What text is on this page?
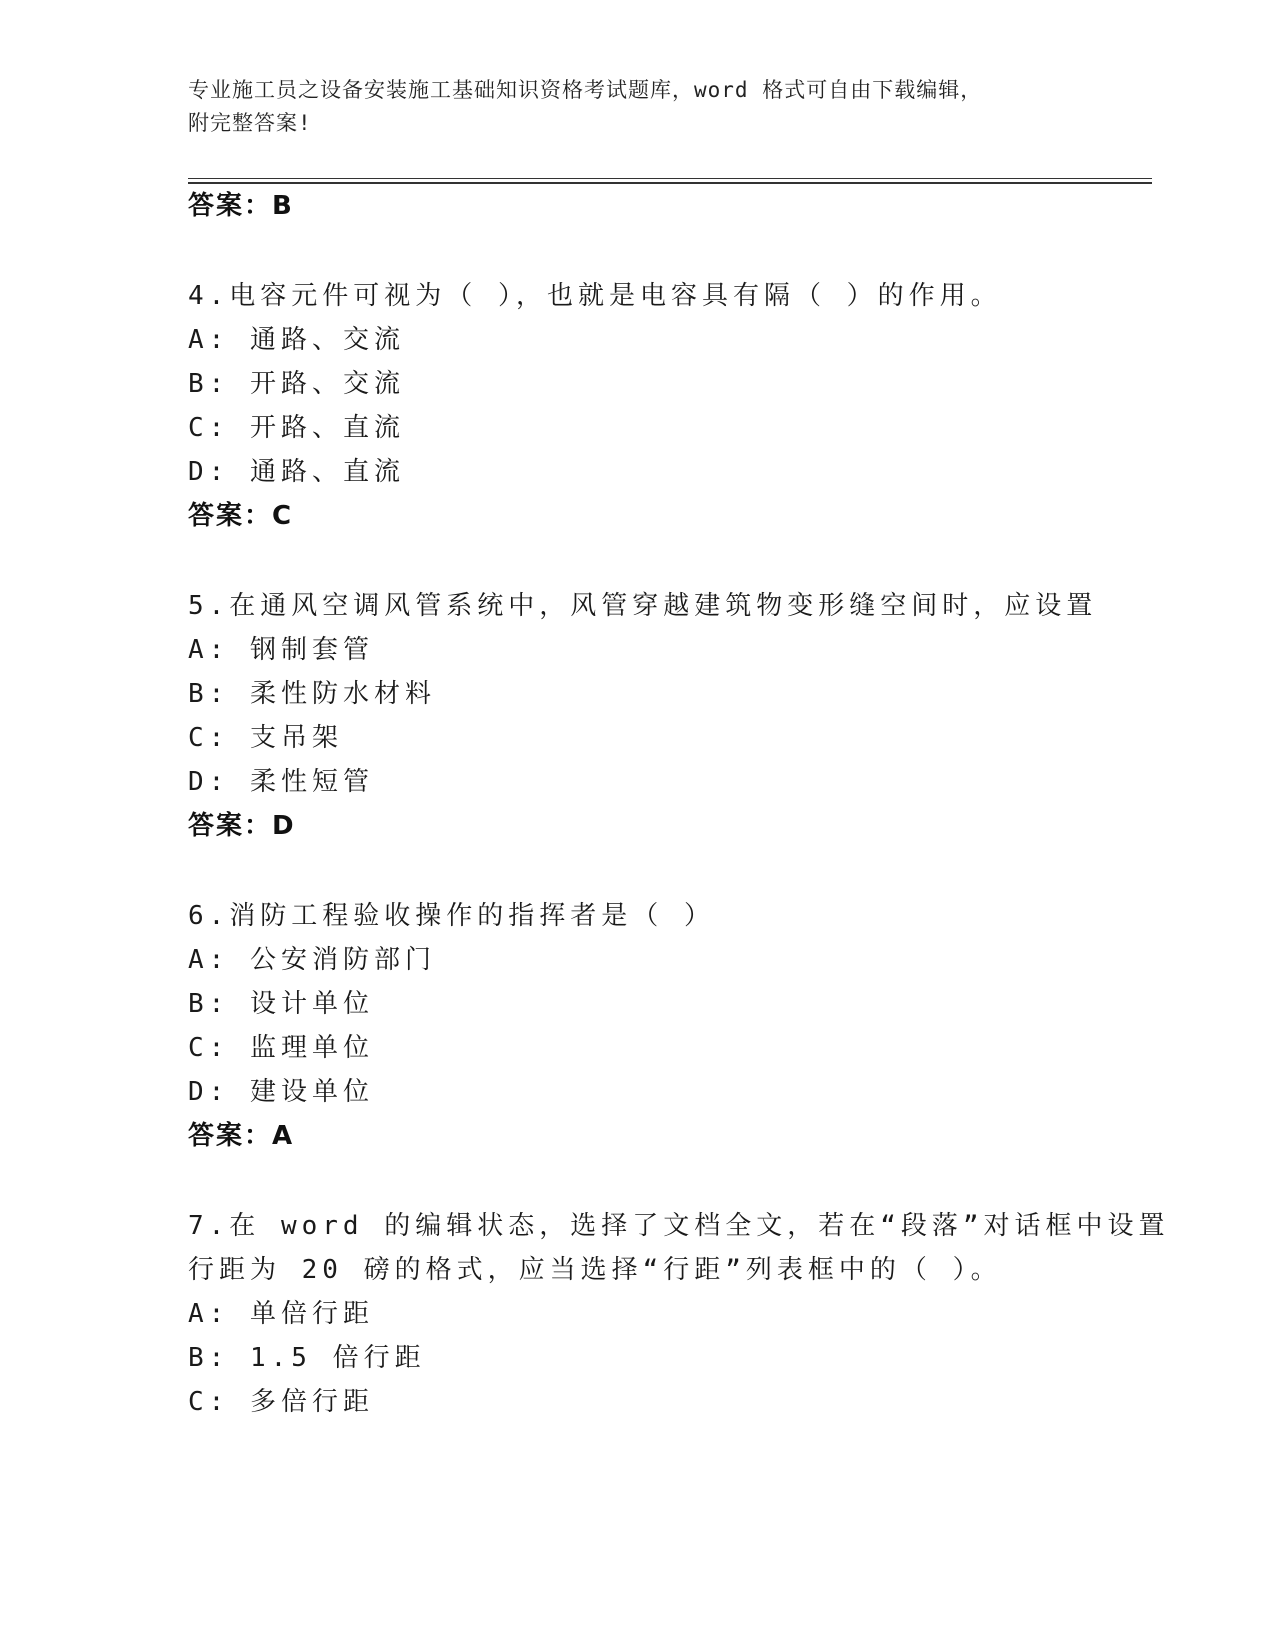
专业施工员之设备安装施工基础知识资格考试题库，word 格式可自由下载编辑，
附完整答案!
答案：B
4.电容元件可视为（ ），也就是电容具有隔（ ）的作用。
A: 通路、交流
B: 开路、交流
C: 开路、直流
D: 通路、直流
答案：C
5.在通风空调风管系统中，风管穿越建筑物变形缝空间时，应设置
A: 钢制套管
B: 柔性防水材料
C: 支吊架
D: 柔性短管
答案：D
6.消防工程验收操作的指挥者是（ ）
A: 公安消防部门
B: 设计单位
C: 监理单位
D: 建设单位
答案：A
7.在 word 的编辑状态，选择了文档全文，若在“段落”对话框中设置
行距为 20 磅的格式，应当选择“行距”列表框中的（ ）。
A: 单倍行距
B: 1.5 倍行距
C: 多倍行距
